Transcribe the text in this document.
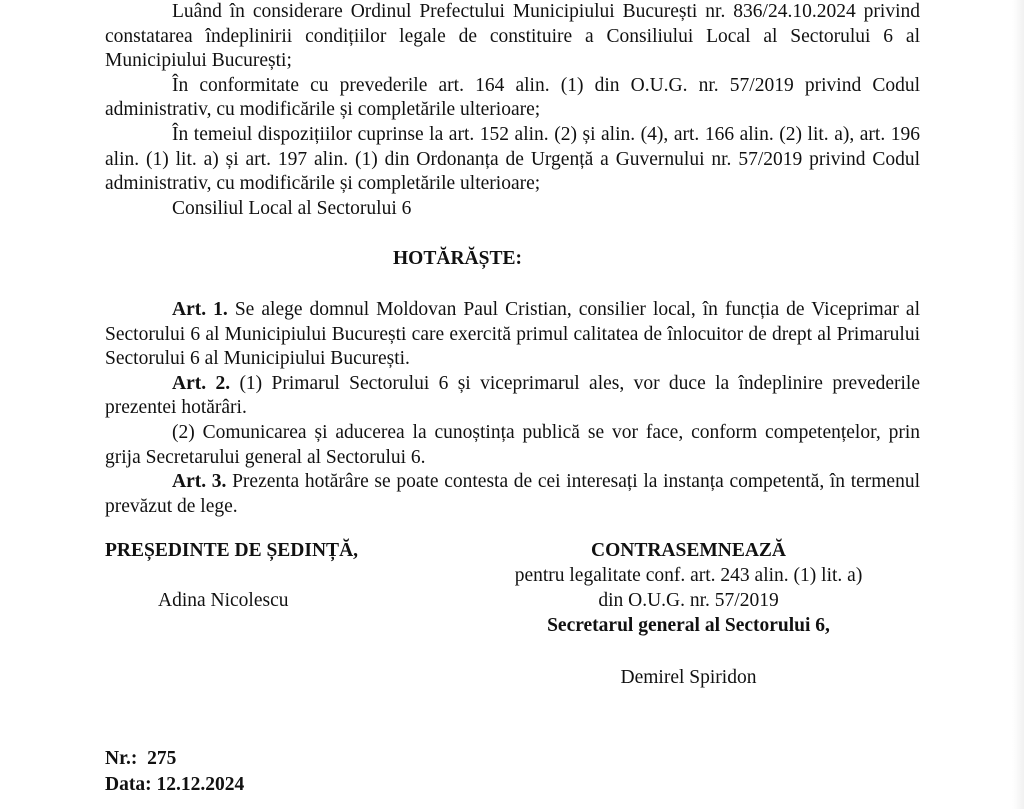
Luând în considerare Ordinul Prefectului Municipiului București nr. 836/24.10.2024 privind constatarea îndeplinirii condițiilor legale de constituire a Consiliului Local al Sectorului 6 al Municipiului București;

În conformitate cu prevederile art. 164 alin. (1) din O.U.G. nr. 57/2019 privind Codul administrativ, cu modificările și completările ulterioare;

În temeiul dispozițiilor cuprinse la art. 152 alin. (2) și alin. (4), art. 166 alin. (2) lit. a), art. 196 alin. (1) lit. a) și art. 197 alin. (1) din Ordonanța de Urgență a Guvernului nr. 57/2019 privind Codul administrativ, cu modificările și completările ulterioare;

Consiliul Local al Sectorului 6

HOTĂRĂȘTE:

Art. 1. Se alege domnul Moldovan Paul Cristian, consilier local, în funcția de Viceprimar al Sectorului 6 al Municipiului București care exercită primul calitatea de înlocuitor de drept al Primarului Sectorului 6 al Municipiului București.

Art. 2. (1) Primarul Sectorului 6 și viceprimarul ales, vor duce la îndeplinire prevederile prezentei hotărâri.

(2) Comunicarea și aducerea la cunoștința publică se vor face, conform competențelor, prin grija Secretarului general al Sectorului 6.

Art. 3. Prezenta hotărâre se poate contesta de cei interesați la instanța competentă, în termenul prevăzut de lege.

PREȘEDINTE DE ȘEDINȚĂ,

Adina Nicolescu

CONTRASEMNEAZĂ

pentru legalitate conf. art. 243 alin. (1) lit. a)

din O.U.G. nr. 57/2019

Secretarul general al Sectorului 6,

Demirel Spiridon

Nr.:  275

Data: 12.12.2024
